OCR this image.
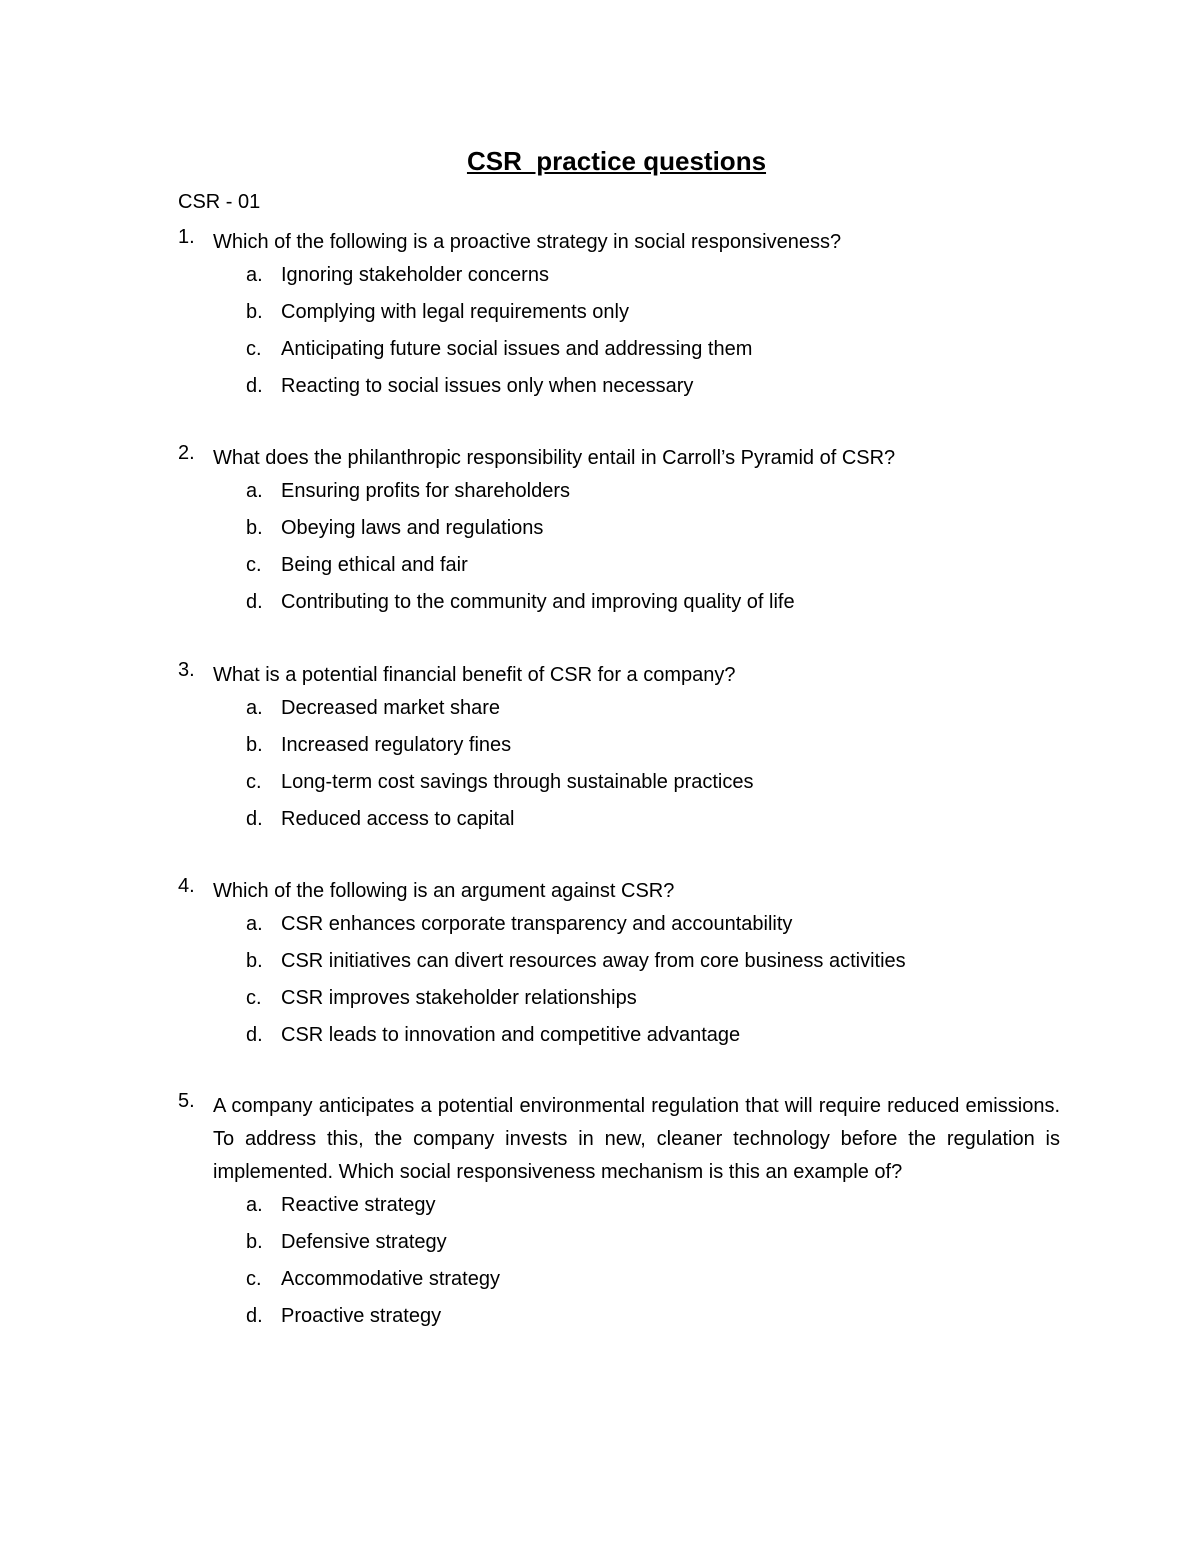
CSR  practice questions
CSR - 01
1. Which of the following is a proactive strategy in social responsiveness?
a. Ignoring stakeholder concerns
b. Complying with legal requirements only
c. Anticipating future social issues and addressing them
d. Reacting to social issues only when necessary
2. What does the philanthropic responsibility entail in Carroll’s Pyramid of CSR?
a. Ensuring profits for shareholders
b. Obeying laws and regulations
c. Being ethical and fair
d. Contributing to the community and improving quality of life
3. What is a potential financial benefit of CSR for a company?
a. Decreased market share
b. Increased regulatory fines
c. Long-term cost savings through sustainable practices
d. Reduced access to capital
4. Which of the following is an argument against CSR?
a. CSR enhances corporate transparency and accountability
b. CSR initiatives can divert resources away from core business activities
c. CSR improves stakeholder relationships
d. CSR leads to innovation and competitive advantage
5. A company anticipates a potential environmental regulation that will require reduced emissions. To address this, the company invests in new, cleaner technology before the regulation is implemented. Which social responsiveness mechanism is this an example of?
a. Reactive strategy
b. Defensive strategy
c. Accommodative strategy
d. Proactive strategy
